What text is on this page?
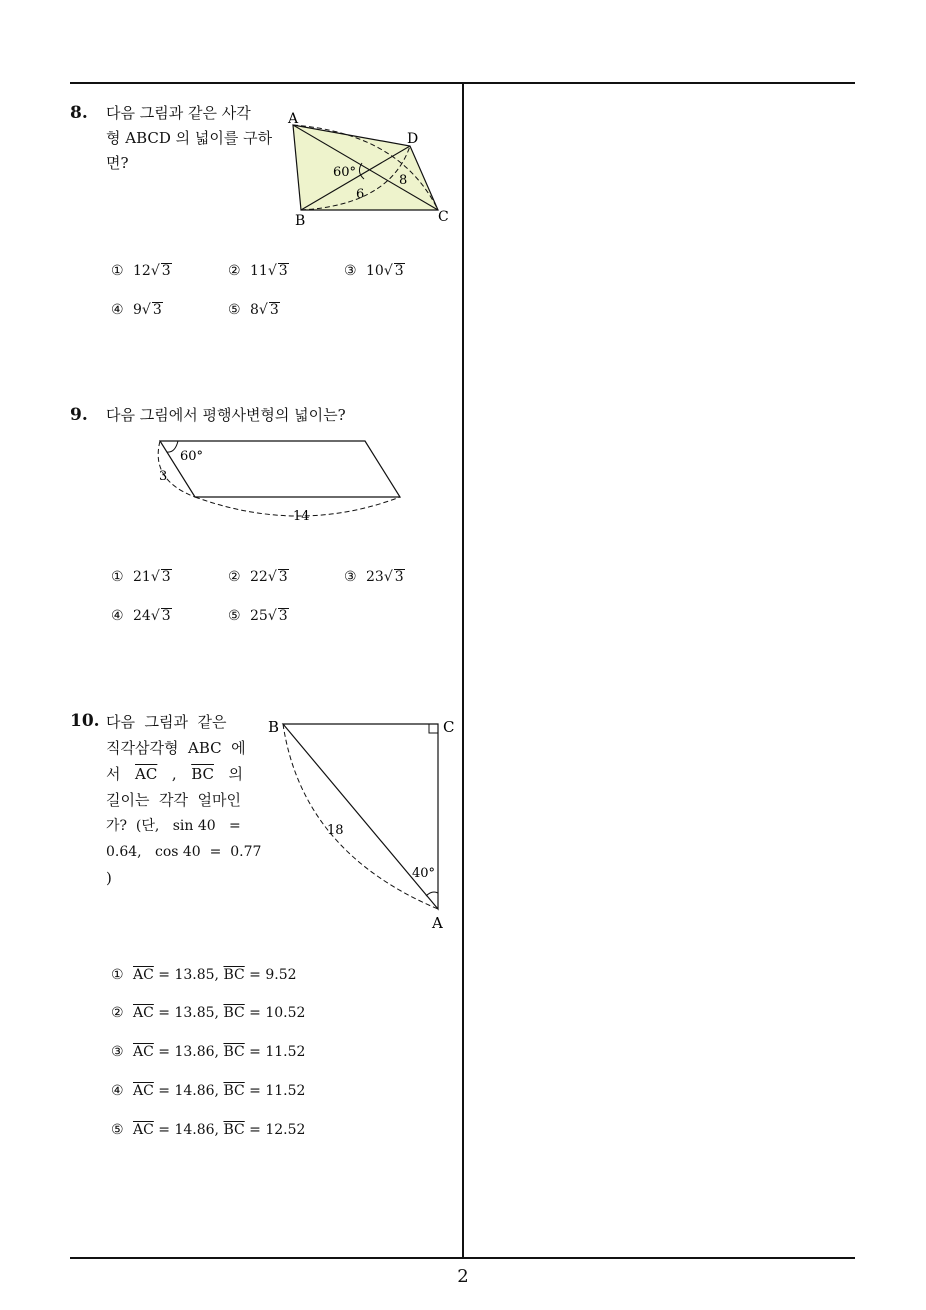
8. 다음 그림과 같은 사각
형 ABCD 의 넓이를 구하
면?
A
D
B	C
60°
8
6
① 12√ 3	② 11√ 3	③ 10√ 3
④ 9√ 3	⑤ 8√ 3
9. 다음 그림에서 평행사변형의 넓이는?
60°
3
14
① 21√ 3	② 22√ 3	③ 23√ 3
④ 24√ 3	⑤ 25√ 3
10. 다음  그림과  같은
직각삼각형  ABC  에
서 $\overline{AC}$ , $\overline{BC}$ 의
길이는  각각  얼마인
가?  (단,   sin 40   =
0.64,   cos 40  =  0.77
)
B	C
A
18
40°
① $\overline{AC} = 13.85$, $\overline{BC} = 9.52$
② $\overline{AC} = 13.85$, $\overline{BC} = 10.52$
③ $\overline{AC} = 13.86$, $\overline{BC} = 11.52$
④ $\overline{AC} = 14.86$, $\overline{BC} = 11.52$
⑤ $\overline{AC} = 14.86$, $\overline{BC} = 12.52$
2
